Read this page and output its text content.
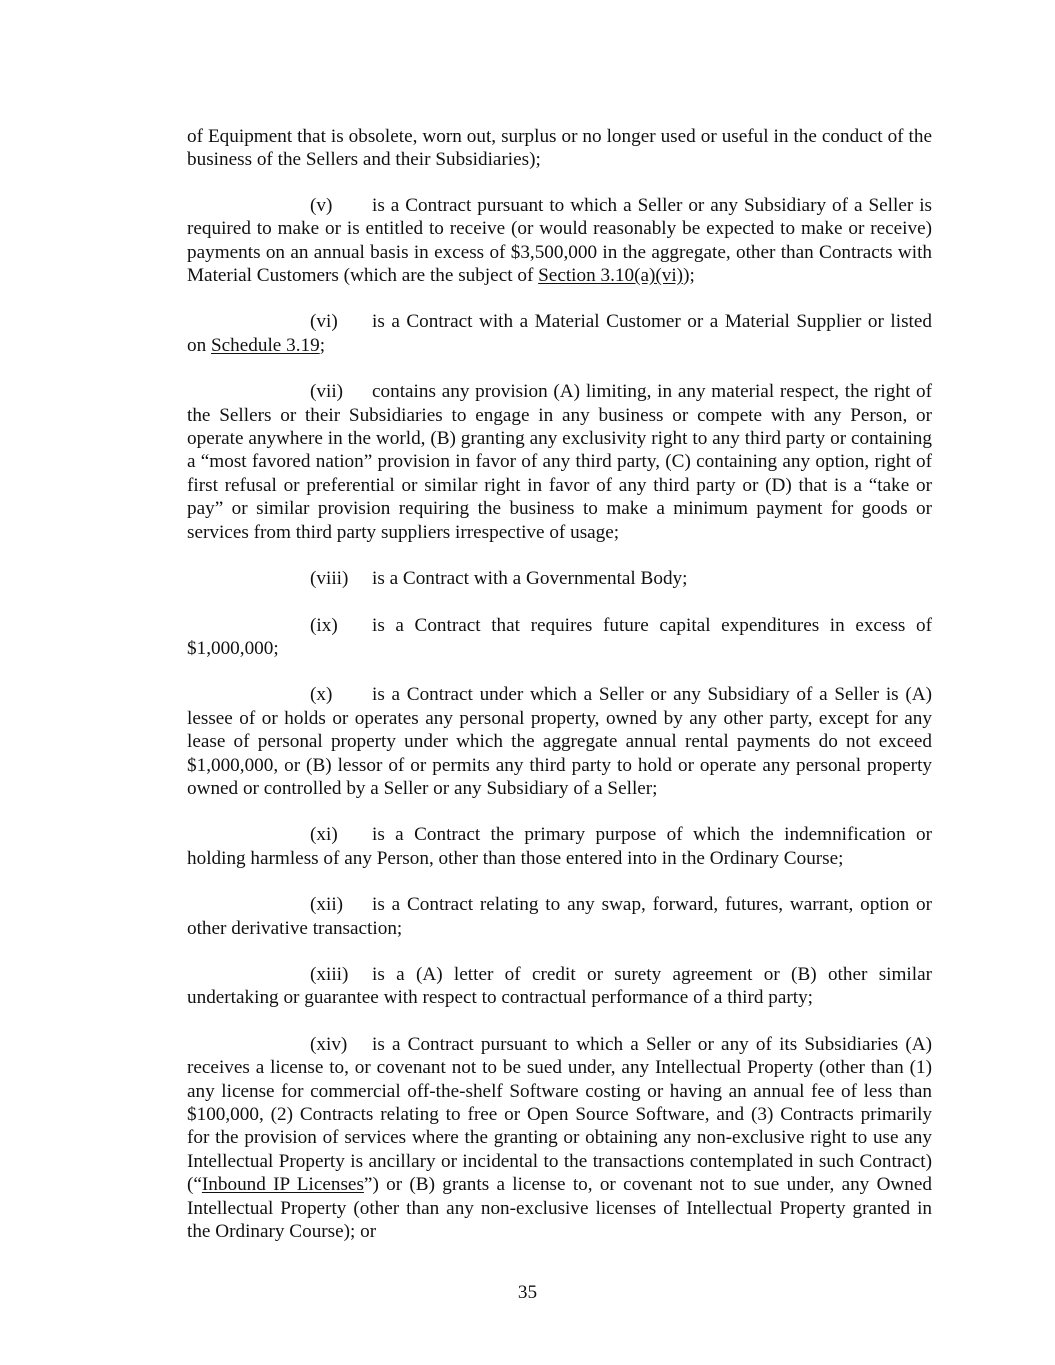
of Equipment that is obsolete, worn out, surplus or no longer used or useful in the conduct of the business of the Sellers and their Subsidiaries);

(v) is a Contract pursuant to which a Seller or any Subsidiary of a Seller is required to make or is entitled to receive (or would reasonably be expected to make or receive) payments on an annual basis in excess of $3,500,000 in the aggregate, other than Contracts with Material Customers (which are the subject of Section 3.10(a)(vi));

(vi) is a Contract with a Material Customer or a Material Supplier or listed on Schedule 3.19;

(vii) contains any provision (A) limiting, in any material respect, the right of the Sellers or their Subsidiaries to engage in any business or compete with any Person, or operate anywhere in the world, (B) granting any exclusivity right to any third party or containing a “most favored nation” provision in favor of any third party, (C) containing any option, right of first refusal or preferential or similar right in favor of any third party or (D) that is a “take or pay” or similar provision requiring the business to make a minimum payment for goods or services from third party suppliers irrespective of usage;

(viii) is a Contract with a Governmental Body;

(ix) is a Contract that requires future capital expenditures in excess of $1,000,000;

(x) is a Contract under which a Seller or any Subsidiary of a Seller is (A) lessee of or holds or operates any personal property, owned by any other party, except for any lease of personal property under which the aggregate annual rental payments do not exceed $1,000,000, or (B) lessor of or permits any third party to hold or operate any personal property owned or controlled by a Seller or any Subsidiary of a Seller;

(xi) is a Contract the primary purpose of which the indemnification or holding harmless of any Person, other than those entered into in the Ordinary Course;

(xii) is a Contract relating to any swap, forward, futures, warrant, option or other derivative transaction;

(xiii) is a (A) letter of credit or surety agreement or (B) other similar undertaking or guarantee with respect to contractual performance of a third party;

(xiv) is a Contract pursuant to which a Seller or any of its Subsidiaries (A) receives a license to, or covenant not to be sued under, any Intellectual Property (other than (1) any license for commercial off-the-shelf Software costing or having an annual fee of less than $100,000, (2) Contracts relating to free or Open Source Software, and (3) Contracts primarily for the provision of services where the granting or obtaining any non-exclusive right to use any Intellectual Property is ancillary or incidental to the transactions contemplated in such Contract) (“Inbound IP Licenses”) or (B) grants a license to, or covenant not to sue under, any Owned Intellectual Property (other than any non-exclusive licenses of Intellectual Property granted in the Ordinary Course); or

35
